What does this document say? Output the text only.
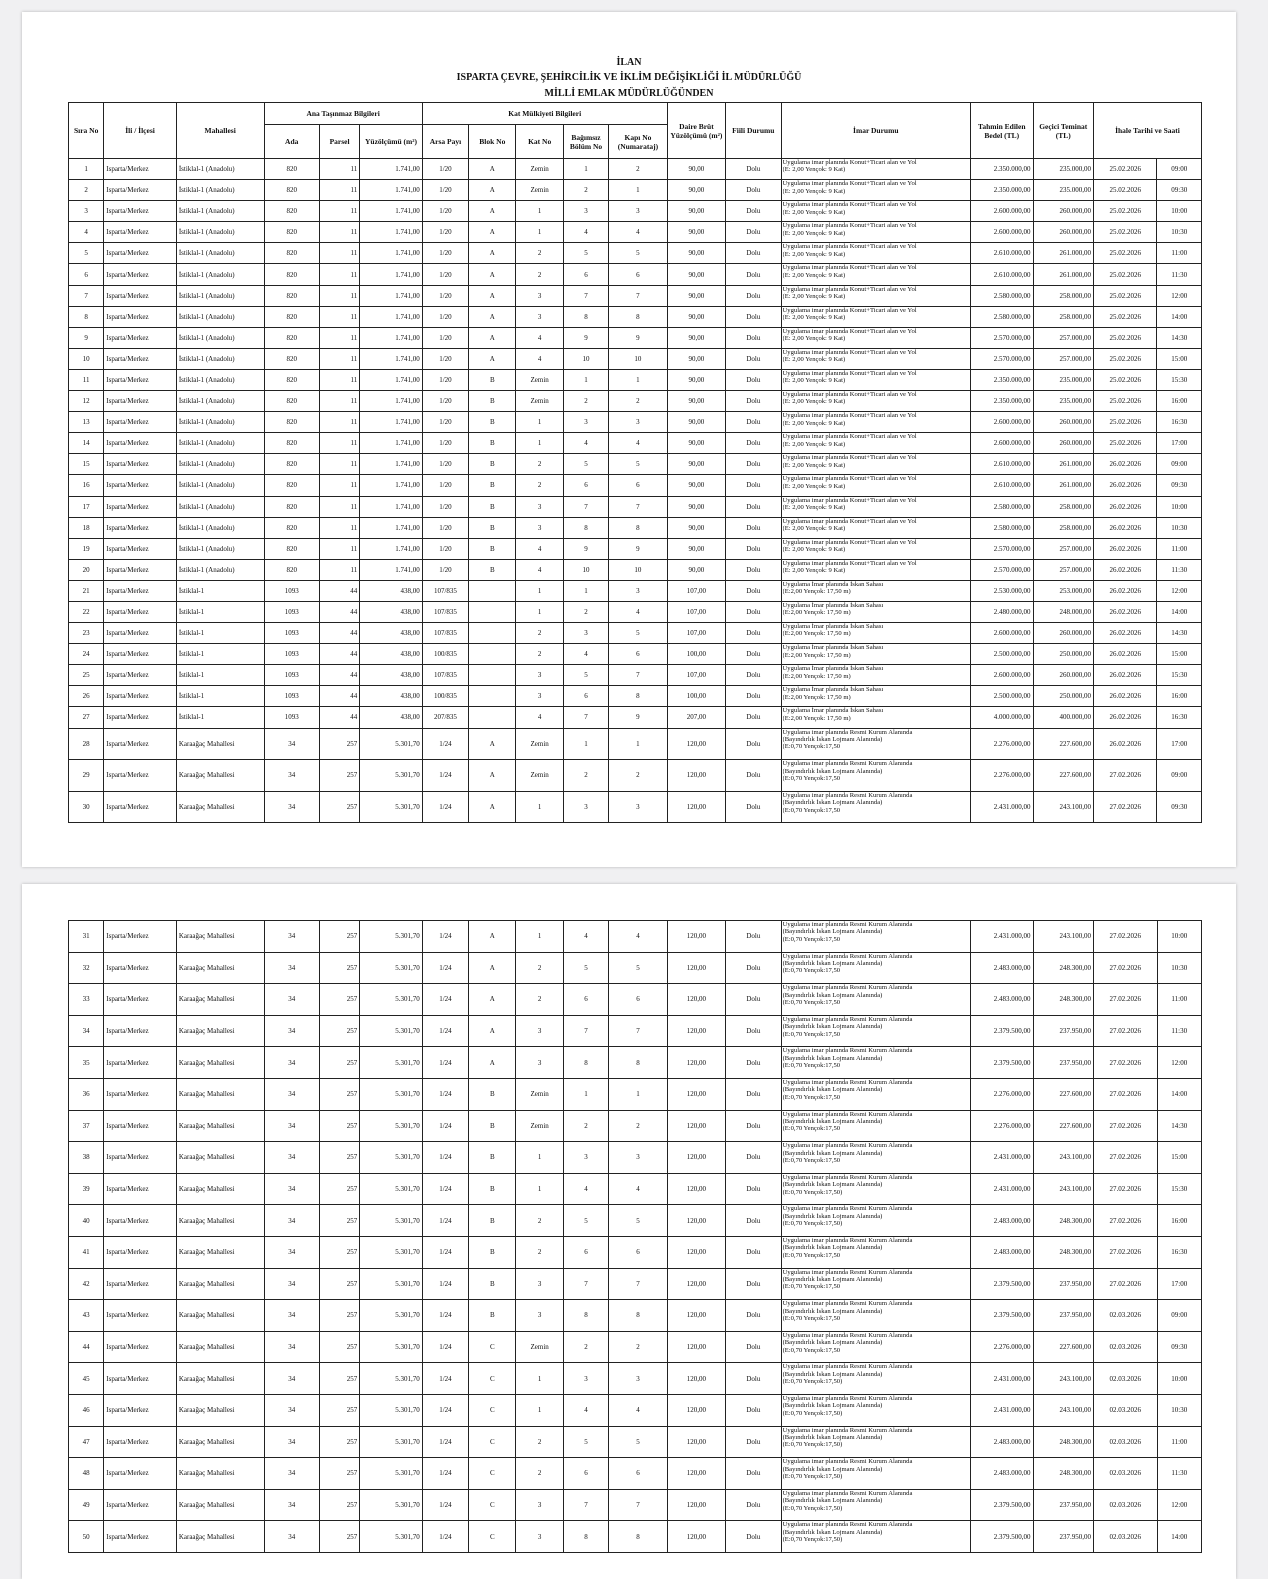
İLAN
ISPARTA ÇEVRE, ŞEHİRCİLİK VE İKLİM DEĞİŞİKLİĞİ İL MÜDÜRLÜĞÜ
MİLLİ EMLAK MÜDÜRLÜĞÜNDEN
Sıra No	İli / İlçesi	Mahallesi	Ana Taşınmaz Bilgileri			Kat Mülkiyeti Bilgileri					Daire Brüt Yüzölçümü (m²)	Fiili Durumu	İmar Durumu	Tahmin Edilen Bedel (TL)	Geçici Teminat (TL)	İhale Tarihi ve Saati	
			Ada	Parsel	Yüzölçümü (m²)	Arsa Payı	Blok No	Kat No	Bağımsız Bölüm No	Kapı No (Numarataj)							
1	Isparta/Merkez	İstiklal-1 (Anadolu)	820	11	1.741,00	1/20	A	Zemin	1	2	90,00	Dolu	Uygulama imar planında Konut+Ticari alan ve Yol
(E: 2,00 Yençok: 9 Kat)	2.350.000,00	235.000,00	25.02.2026	09:00
2	Isparta/Merkez	İstiklal-1 (Anadolu)	820	11	1.741,00	1/20	A	Zemin	2	1	90,00	Dolu	Uygulama imar planında Konut+Ticari alan ve Yol
(E: 2,00 Yençok: 9 Kat)	2.350.000,00	235.000,00	25.02.2026	09:30
3	Isparta/Merkez	İstiklal-1 (Anadolu)	820	11	1.741,00	1/20	A	1	3	3	90,00	Dolu	Uygulama imar planında Konut+Ticari alan ve Yol
(E: 2,00 Yençok: 9 Kat)	2.600.000,00	260.000,00	25.02.2026	10:00
4	Isparta/Merkez	İstiklal-1 (Anadolu)	820	11	1.741,00	1/20	A	1	4	4	90,00	Dolu	Uygulama imar planında Konut+Ticari alan ve Yol
(E: 2,00 Yençok: 9 Kat)	2.600.000,00	260.000,00	25.02.2026	10:30
5	Isparta/Merkez	İstiklal-1 (Anadolu)	820	11	1.741,00	1/20	A	2	5	5	90,00	Dolu	Uygulama imar planında Konut+Ticari alan ve Yol
(E: 2,00 Yençok: 9 Kat)	2.610.000,00	261.000,00	25.02.2026	11:00
6	Isparta/Merkez	İstiklal-1 (Anadolu)	820	11	1.741,00	1/20	A	2	6	6	90,00	Dolu	Uygulama imar planında Konut+Ticari alan ve Yol
(E: 2,00 Yençok: 9 Kat)	2.610.000,00	261.000,00	25.02.2026	11:30
7	Isparta/Merkez	İstiklal-1 (Anadolu)	820	11	1.741,00	1/20	A	3	7	7	90,00	Dolu	Uygulama imar planında Konut+Ticari alan ve Yol
(E: 2,00 Yençok: 9 Kat)	2.580.000,00	258.000,00	25.02.2026	12:00
8	Isparta/Merkez	İstiklal-1 (Anadolu)	820	11	1.741,00	1/20	A	3	8	8	90,00	Dolu	Uygulama imar planında Konut+Ticari alan ve Yol
(E: 2,00 Yençok: 9 Kat)	2.580.000,00	258.000,00	25.02.2026	14:00
9	Isparta/Merkez	İstiklal-1 (Anadolu)	820	11	1.741,00	1/20	A	4	9	9	90,00	Dolu	Uygulama imar planında Konut+Ticari alan ve Yol
(E: 2,00 Yençok: 9 Kat)	2.570.000,00	257.000,00	25.02.2026	14:30
10	Isparta/Merkez	İstiklal-1 (Anadolu)	820	11	1.741,00	1/20	A	4	10	10	90,00	Dolu	Uygulama imar planında Konut+Ticari alan ve Yol
(E: 2,00 Yençok: 9 Kat)	2.570.000,00	257.000,00	25.02.2026	15:00
11	Isparta/Merkez	İstiklal-1 (Anadolu)	820	11	1.741,00	1/20	B	Zemin	1	1	90,00	Dolu	Uygulama imar planında Konut+Ticari alan ve Yol
(E: 2,00 Yençok: 9 Kat)	2.350.000,00	235.000,00	25.02.2026	15:30
12	Isparta/Merkez	İstiklal-1 (Anadolu)	820	11	1.741,00	1/20	B	Zemin	2	2	90,00	Dolu	Uygulama imar planında Konut+Ticari alan ve Yol
(E: 2,00 Yençok: 9 Kat)	2.350.000,00	235.000,00	25.02.2026	16:00
13	Isparta/Merkez	İstiklal-1 (Anadolu)	820	11	1.741,00	1/20	B	1	3	3	90,00	Dolu	Uygulama imar planında Konut+Ticari alan ve Yol
(E: 2,00 Yençok: 9 Kat)	2.600.000,00	260.000,00	25.02.2026	16:30
14	Isparta/Merkez	İstiklal-1 (Anadolu)	820	11	1.741,00	1/20	B	1	4	4	90,00	Dolu	Uygulama imar planında Konut+Ticari alan ve Yol
(E: 2,00 Yençok: 9 Kat)	2.600.000,00	260.000,00	25.02.2026	17:00
15	Isparta/Merkez	İstiklal-1 (Anadolu)	820	11	1.741,00	1/20	B	2	5	5	90,00	Dolu	Uygulama imar planında Konut+Ticari alan ve Yol
(E: 2,00 Yençok: 9 Kat)	2.610.000,00	261.000,00	26.02.2026	09:00
16	Isparta/Merkez	İstiklal-1 (Anadolu)	820	11	1.741,00	1/20	B	2	6	6	90,00	Dolu	Uygulama imar planında Konut+Ticari alan ve Yol
(E: 2,00 Yençok: 9 Kat)	2.610.000,00	261.000,00	26.02.2026	09:30
17	Isparta/Merkez	İstiklal-1 (Anadolu)	820	11	1.741,00	1/20	B	3	7	7	90,00	Dolu	Uygulama imar planında Konut+Ticari alan ve Yol
(E: 2,00 Yençok: 9 Kat)	2.580.000,00	258.000,00	26.02.2026	10:00
18	Isparta/Merkez	İstiklal-1 (Anadolu)	820	11	1.741,00	1/20	B	3	8	8	90,00	Dolu	Uygulama imar planında Konut+Ticari alan ve Yol
(E: 2,00 Yençok: 9 Kat)	2.580.000,00	258.000,00	26.02.2026	10:30
19	Isparta/Merkez	İstiklal-1 (Anadolu)	820	11	1.741,00	1/20	B	4	9	9	90,00	Dolu	Uygulama imar planında Konut+Ticari alan ve Yol
(E: 2,00 Yençok: 9 Kat)	2.570.000,00	257.000,00	26.02.2026	11:00
20	Isparta/Merkez	İstiklal-1 (Anadolu)	820	11	1.741,00	1/20	B	4	10	10	90,00	Dolu	Uygulama imar planında Konut+Ticari alan ve Yol
(E: 2,00 Yençok: 9 Kat)	2.570.000,00	257.000,00	26.02.2026	11:30
21	Isparta/Merkez	İstiklal-1	1093	44	438,00	107/835		1	1	3	107,00	Dolu	Uygulama İmar planında İskan Sahası
(E:2,00 Yençok: 17,50 m)	2.530.000,00	253.000,00	26.02.2026	12:00
22	Isparta/Merkez	İstiklal-1	1093	44	438,00	107/835		1	2	4	107,00	Dolu	Uygulama İmar planında İskan Sahası
(E:2,00 Yençok: 17,50 m)	2.480.000,00	248.000,00	26.02.2026	14:00
23	Isparta/Merkez	İstiklal-1	1093	44	438,00	107/835		2	3	5	107,00	Dolu	Uygulama İmar planında İskan Sahası
(E:2,00 Yençok: 17,50 m)	2.600.000,00	260.000,00	26.02.2026	14:30
24	Isparta/Merkez	İstiklal-1	1093	44	438,00	100/835		2	4	6	100,00	Dolu	Uygulama İmar planında İskan Sahası
(E:2,00 Yençok: 17,50 m)	2.500.000,00	250.000,00	26.02.2026	15:00
25	Isparta/Merkez	İstiklal-1	1093	44	438,00	107/835		3	5	7	107,00	Dolu	Uygulama İmar planında İskan Sahası
(E:2,00 Yençok: 17,50 m)	2.600.000,00	260.000,00	26.02.2026	15:30
26	Isparta/Merkez	İstiklal-1	1093	44	438,00	100/835		3	6	8	100,00	Dolu	Uygulama İmar planında İskan Sahası
(E:2,00 Yençok: 17,50 m)	2.500.000,00	250.000,00	26.02.2026	16:00
27	Isparta/Merkez	İstiklal-1	1093	44	438,00	207/835		4	7	9	207,00	Dolu	Uygulama İmar planında İskan Sahası
(E:2,00 Yençok: 17,50 m)	4.000.000,00	400.000,00	26.02.2026	16:30
28	Isparta/Merkez	Karaağaç Mahallesi	34	257	5.301,70	1/24	A	Zemin	1	1	120,00	Dolu	Uygulama imar planında Resmi Kurum Alanında
(Bayındırlık İskan Lojmanı Alanında)
(E:0,70 Yençok:17,50	2.276.000,00	227.600,00	26.02.2026	17:00
29	Isparta/Merkez	Karaağaç Mahallesi	34	257	5.301,70	1/24	A	Zemin	2	2	120,00	Dolu	Uygulama imar planında Resmi Kurum Alanında
(Bayındırlık İskan Lojmanı Alanında)
(E:0,70 Yençok:17,50	2.276.000,00	227.600,00	27.02.2026	09:00
30	Isparta/Merkez	Karaağaç Mahallesi	34	257	5.301,70	1/24	A	1	3	3	120,00	Dolu	Uygulama imar planında Resmi Kurum Alanında
(Bayındırlık İskan Lojmanı Alanında)
(E:0,70 Yençok:17,50	2.431.000,00	243.100,00	27.02.2026	09:30
31	Isparta/Merkez	Karaağaç Mahallesi	34	257	5.301,70	1/24	A	1	4	4	120,00	Dolu	Uygulama imar planında Resmi Kurum Alanında
(Bayındırlık İskan Lojmanı Alanında)
(E:0,70 Yençok:17,50	2.431.000,00	243.100,00	27.02.2026	10:00
32	Isparta/Merkez	Karaağaç Mahallesi	34	257	5.301,70	1/24	A	2	5	5	120,00	Dolu	Uygulama imar planında Resmi Kurum Alanında
(Bayındırlık İskan Lojmanı Alanında)
(E:0,70 Yençok:17,50	2.483.000,00	248.300,00	27.02.2026	10:30
33	Isparta/Merkez	Karaağaç Mahallesi	34	257	5.301,70	1/24	A	2	6	6	120,00	Dolu	Uygulama imar planında Resmi Kurum Alanında
(Bayındırlık İskan Lojmanı Alanında)
(E:0,70 Yençok:17,50	2.483.000,00	248.300,00	27.02.2026	11:00
34	Isparta/Merkez	Karaağaç Mahallesi	34	257	5.301,70	1/24	A	3	7	7	120,00	Dolu	Uygulama imar planında Resmi Kurum Alanında
(Bayındırlık İskan Lojmanı Alanında)
(E:0,70 Yençok:17,50	2.379.500,00	237.950,00	27.02.2026	11:30
35	Isparta/Merkez	Karaağaç Mahallesi	34	257	5.301,70	1/24	A	3	8	8	120,00	Dolu	Uygulama imar planında Resmi Kurum Alanında
(Bayındırlık İskan Lojmanı Alanında)
(E:0,70 Yençok:17,50	2.379.500,00	237.950,00	27.02.2026	12:00
36	Isparta/Merkez	Karaağaç Mahallesi	34	257	5.301,70	1/24	B	Zemin	1	1	120,00	Dolu	Uygulama imar planında Resmi Kurum Alanında
(Bayındırlık İskan Lojmanı Alanında)
(E:0,70 Yençok:17,50	2.276.000,00	227.600,00	27.02.2026	14:00
37	Isparta/Merkez	Karaağaç Mahallesi	34	257	5.301,70	1/24	B	Zemin	2	2	120,00	Dolu	Uygulama imar planında Resmi Kurum Alanında
(Bayındırlık İskan Lojmanı Alanında)
(E:0,70 Yençok:17,50	2.276.000,00	227.600,00	27.02.2026	14:30
38	Isparta/Merkez	Karaağaç Mahallesi	34	257	5.301,70	1/24	B	1	3	3	120,00	Dolu	Uygulama imar planında Resmi Kurum Alanında
(Bayındırlık İskan Lojmanı Alanında)
(E:0,70 Yençok:17,50	2.431.000,00	243.100,00	27.02.2026	15:00
39	Isparta/Merkez	Karaağaç Mahallesi	34	257	5.301,70	1/24	B	1	4	4	120,00	Dolu	Uygulama imar planında Resmi Kurum Alanında
(Bayındırlık İskan Lojmanı Alanında)
(E:0,70 Yençok:17,50)	2.431.000,00	243.100,00	27.02.2026	15:30
40	Isparta/Merkez	Karaağaç Mahallesi	34	257	5.301,70	1/24	B	2	5	5	120,00	Dolu	Uygulama imar planında Resmi Kurum Alanında
(Bayındırlık İskan Lojmanı Alanında)
(E:0,70 Yençok:17,50)	2.483.000,00	248.300,00	27.02.2026	16:00
41	Isparta/Merkez	Karaağaç Mahallesi	34	257	5.301,70	1/24	B	2	6	6	120,00	Dolu	Uygulama imar planında Resmi Kurum Alanında
(Bayındırlık İskan Lojmanı Alanında)
(E:0,70 Yençok:17,50	2.483.000,00	248.300,00	27.02.2026	16:30
42	Isparta/Merkez	Karaağaç Mahallesi	34	257	5.301,70	1/24	B	3	7	7	120,00	Dolu	Uygulama imar planında Resmi Kurum Alanında
(Bayındırlık İskan Lojmanı Alanında)
(E:0,70 Yençok:17,50	2.379.500,00	237.950,00	27.02.2026	17:00
43	Isparta/Merkez	Karaağaç Mahallesi	34	257	5.301,70	1/24	B	3	8	8	120,00	Dolu	Uygulama imar planında Resmi Kurum Alanında
(Bayındırlık İskan Lojmanı Alanında)
(E:0,70 Yençok:17,50	2.379.500,00	237.950,00	02.03.2026	09:00
44	Isparta/Merkez	Karaağaç Mahallesi	34	257	5.301,70	1/24	C	Zemin	2	2	120,00	Dolu	Uygulama imar planında Resmi Kurum Alanında
(Bayındırlık İskan Lojmanı Alanında)
(E:0,70 Yençok:17,50	2.276.000,00	227.600,00	02.03.2026	09:30
45	Isparta/Merkez	Karaağaç Mahallesi	34	257	5.301,70	1/24	C	1	3	3	120,00	Dolu	Uygulama imar planında Resmi Kurum Alanında
(Bayındırlık İskan Lojmanı Alanında)
(E:0,70 Yençok:17,50)	2.431.000,00	243.100,00	02.03.2026	10:00
46	Isparta/Merkez	Karaağaç Mahallesi	34	257	5.301,70	1/24	C	1	4	4	120,00	Dolu	Uygulama imar planında Resmi Kurum Alanında
(Bayındırlık İskan Lojmanı Alanında)
(E:0,70 Yençok:17,50)	2.431.000,00	243.100,00	02.03.2026	10:30
47	Isparta/Merkez	Karaağaç Mahallesi	34	257	5.301,70	1/24	C	2	5	5	120,00	Dolu	Uygulama imar planında Resmi Kurum Alanında
(Bayındırlık İskan Lojmanı Alanında)
(E:0,70 Yençok:17,50)	2.483.000,00	248.300,00	02.03.2026	11:00
48	Isparta/Merkez	Karaağaç Mahallesi	34	257	5.301,70	1/24	C	2	6	6	120,00	Dolu	Uygulama imar planında Resmi Kurum Alanında
(Bayındırlık İskan Lojmanı Alanında)
(E:0,70 Yençok:17,50)	2.483.000,00	248.300,00	02.03.2026	11:30
49	Isparta/Merkez	Karaağaç Mahallesi	34	257	5.301,70	1/24	C	3	7	7	120,00	Dolu	Uygulama imar planında Resmi Kurum Alanında
(Bayındırlık İskan Lojmanı Alanında)
(E:0,70 Yençok:17,50)	2.379.500,00	237.950,00	02.03.2026	12:00
50	Isparta/Merkez	Karaağaç Mahallesi	34	257	5.301,70	1/24	C	3	8	8	120,00	Dolu	Uygulama imar planında Resmi Kurum Alanında
(Bayındırlık İskan Lojmanı Alanında)
(E:0,70 Yençok:17,50)	2.379.500,00	237.950,00	02.03.2026	14:00
